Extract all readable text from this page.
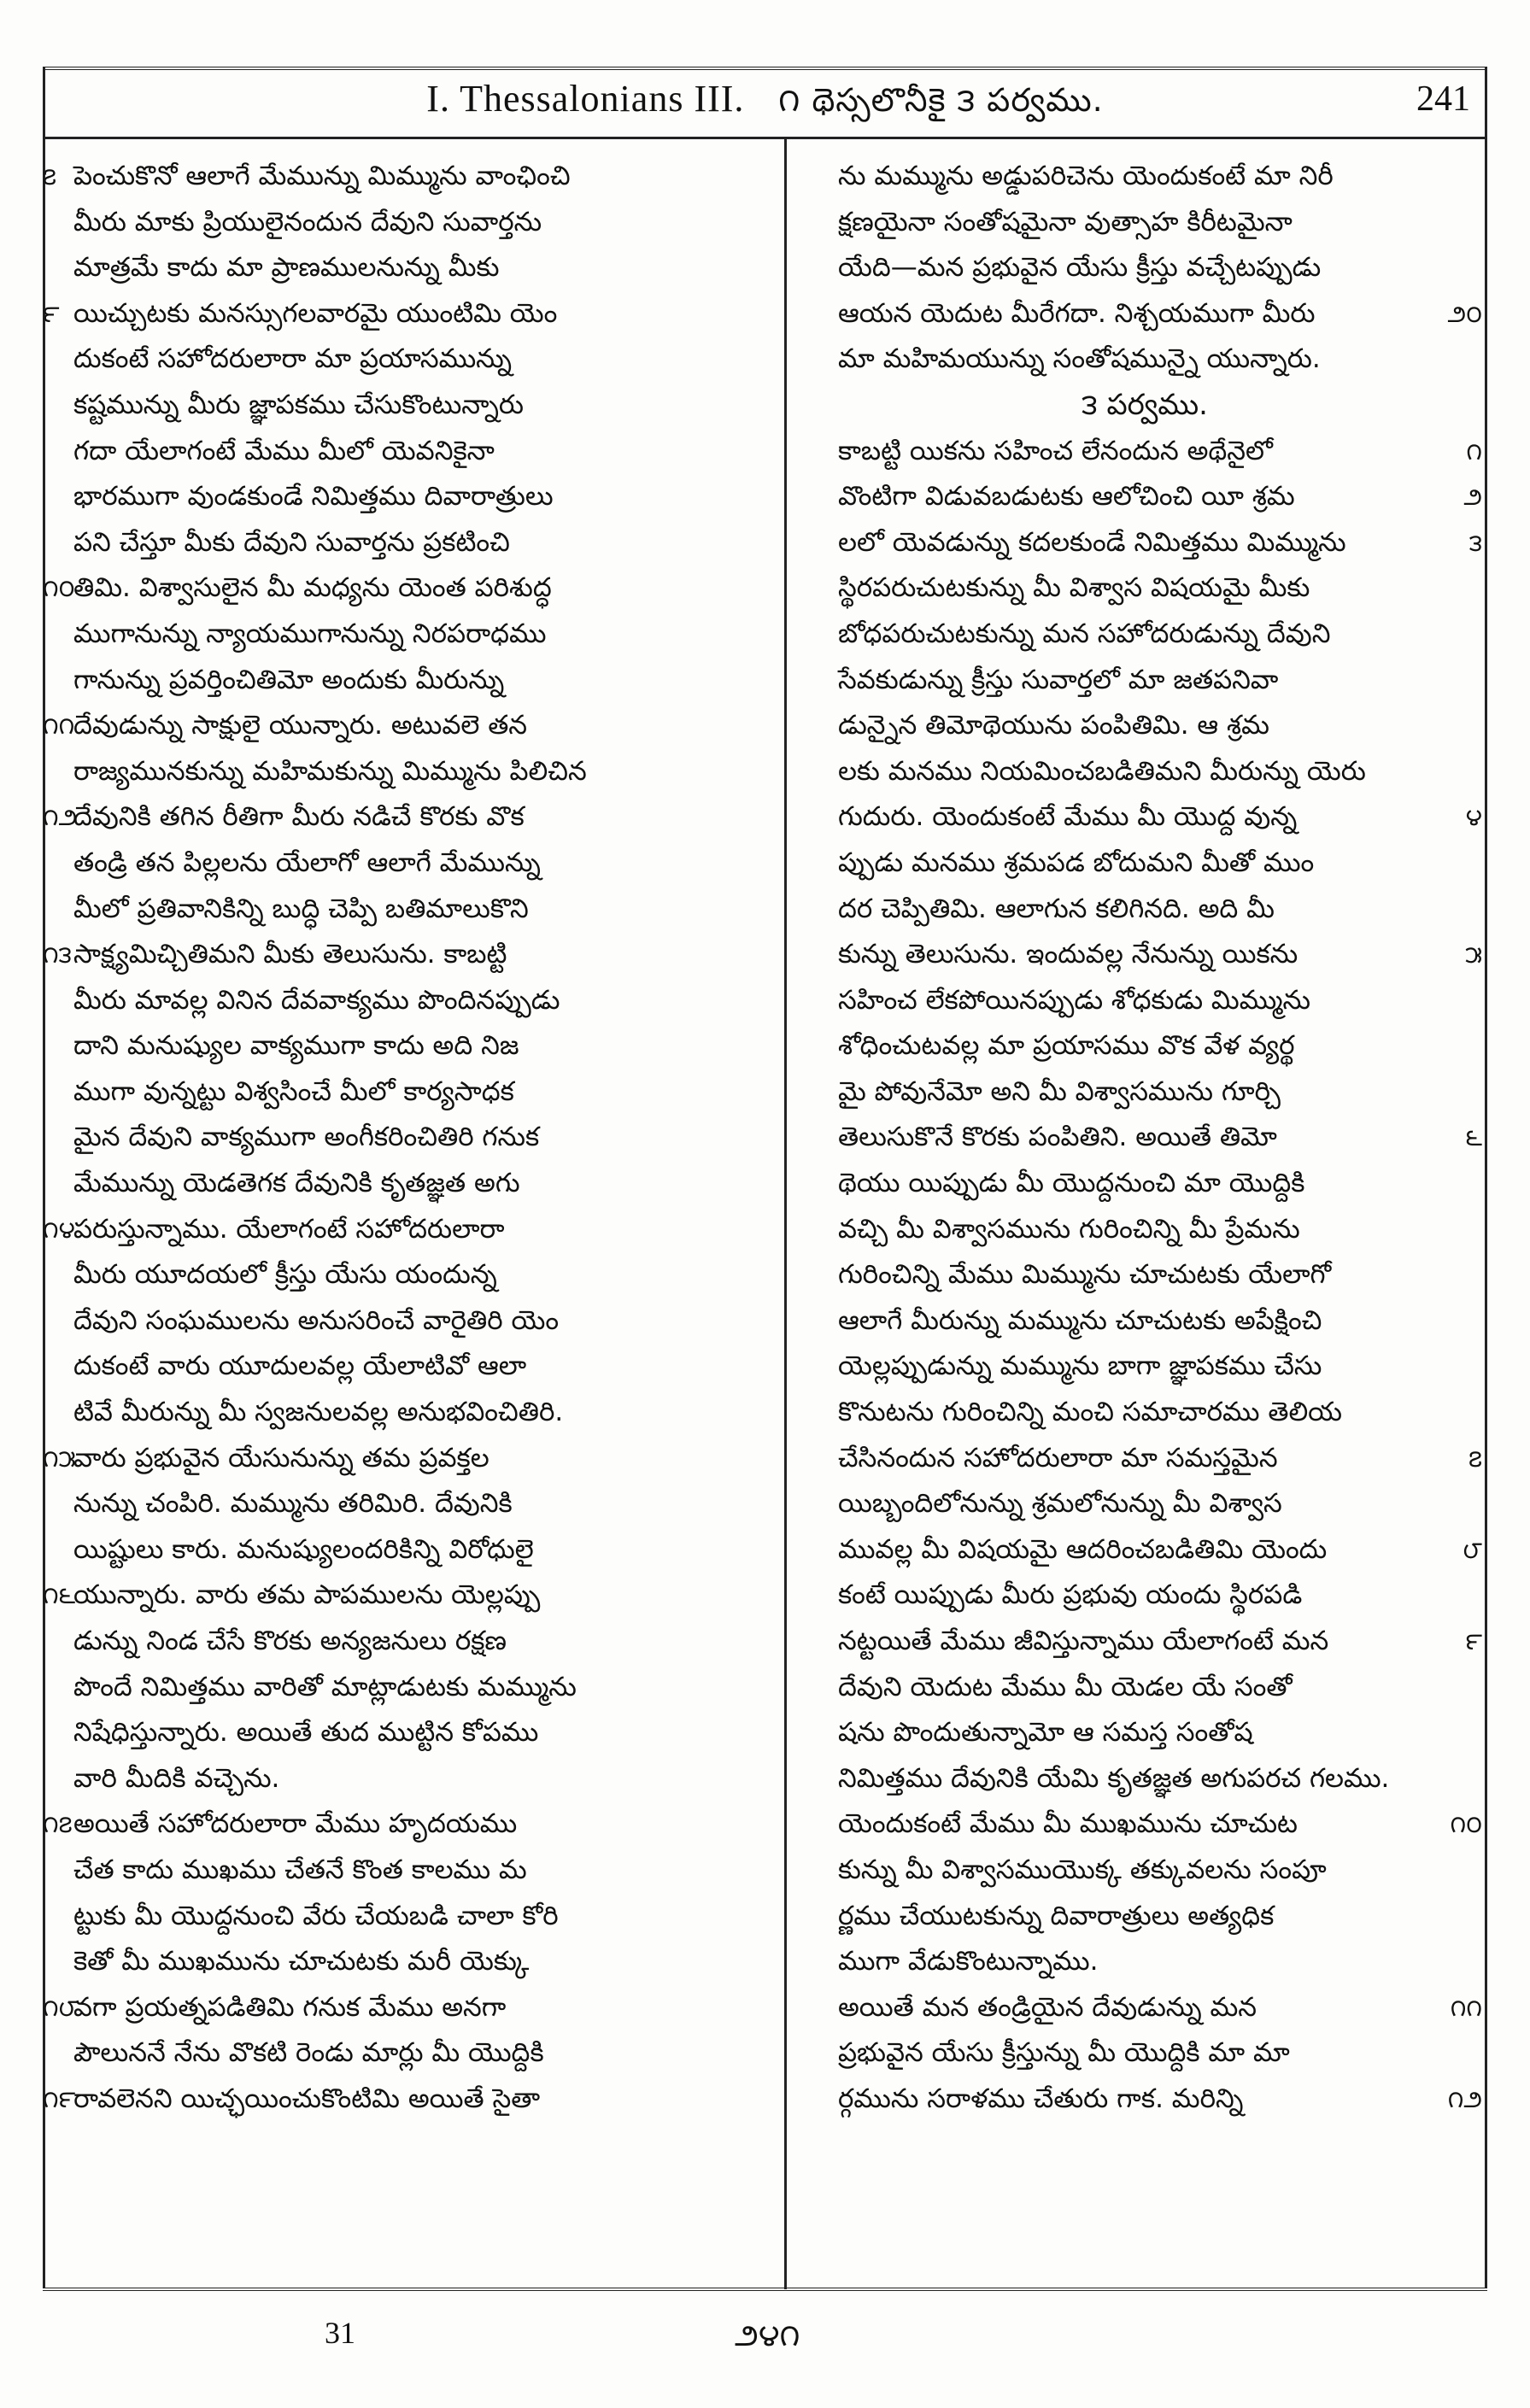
I. Thessalonians III. ౧ థెస్సలొనీకై ౩ పర్వము.	241
౭ పెంచుకొనో ఆలాగే మేమున్ను మిమ్మును వాంఛించి
మీరు మాకు ప్రియులైనందున దేవుని సువార్తను
మాత్రమే కాదు మా ప్రాణములనున్ను మీకు
౯ యిచ్చుటకు మనస్సుగలవారమై యుంటిమి యెం
దుకంటే సహోదరులారా మా ప్రయాసమున్ను
కష్టమున్ను మీరు జ్ఞాపకము చేసుకొంటున్నారు
గదా యేలాగంటే మేము మీలో యెవనికైనా
భారముగా వుండకుండే నిమిత్తము దివారాత్రులు
పని చేస్తూ మీకు దేవుని సువార్తను ప్రకటించి
౧౦
తిమి. విశ్వాసులైన మీ మధ్యను యెంత పరిశుద్ధ
ముగానున్ను న్యాయముగానున్ను నిరపరాధము
గానున్ను ప్రవర్తించితిమో అందుకు మీరున్ను
౧౧
దేవుడున్ను సాక్షులై యున్నారు. అటువలె తన
రాజ్యమునకున్ను మహిమకున్ను మిమ్మును పిలిచిన
౧౨
దేవునికి తగిన రీతిగా మీరు నడిచే కొరకు వొక
తండ్రి తన పిల్లలను యేలాగో ఆలాగే మేమున్ను
మీలో ప్రతివానికిన్ని బుద్ధి చెప్పి బతిమాలుకొని
౧౩ సాక్ష్యమిచ్చితిమని మీకు తెలుసును. కాబట్టి
మీరు మావల్ల వినిన దేవవాక్యము పొందినప్పుడు
దాని మనుష్యుల వాక్యముగా కాదు అది నిజ
ముగా వున్నట్టు విశ్వసించే మీలో కార్యసాధక
మైన దేవుని వాక్యముగా అంగీకరించితిరి గనుక
మేమున్ను యెడతెగక దేవునికి కృతజ్ఞత అగు
౧౪
పరుస్తున్నాము. యేలాగంటే సహోదరులారా
మీరు యూదయలో క్రీస్తు యేసు యందున్న
దేవుని సంఘములను అనుసరించే వారైతిరి యెం
దుకంటే వారు యూదులవల్ల యేలాటివో ఆలా
టివే మీరున్ను మీ స్వజనులవల్ల అనుభవించితిరి.
౧౫
వారు ప్రభువైన యేసునున్ను తమ ప్రవక్తల
నున్ను చంపిరి. మమ్మును తరిమిరి. దేవునికి
యిష్టులు కారు. మనుష్యులందరికిన్ని విరోధులై
౧౬
యున్నారు. వారు తమ పాపములను యెల్లప్పు
డున్ను నిండ చేసే కొరకు అన్యజనులు రక్షణ
పొందే నిమిత్తము వారితో మాట్లాడుటకు మమ్మును
నిషేధిస్తున్నారు. అయితే తుద ముట్టిన కోపము
వారి మీదికి వచ్చెను.
౧౭ అయితే సహోదరులారా మేము హృదయము
చేత కాదు ముఖము చేతనే కొంత కాలము మ
ట్టుకు మీ యొద్దనుంచి వేరు చేయబడి చాలా కోరి
కెతో మీ ముఖమును చూచుటకు మరీ యెక్కు
౧౮
వగా ప్రయత్నపడితిమి గనుక మేము అనగా
పౌలుననే నేను వొకటి రెండు మార్లు మీ యొద్దికి
౧౯
రావలెనని యిచ్ఛయించుకొంటిమి అయితే సైతా
ను మమ్మును అడ్డుపరిచెను యెందుకంటే మా నిరీ
క్షణయైనా సంతోషమైనా వుత్సాహ కిరీటమైనా
యేది—మన ప్రభువైన యేసు క్రీస్తు వచ్చేటప్పుడు
ఆయన యెదుట మీరేగదా. నిశ్చయముగా మీరు	౨౦
మా మహిమయున్ను సంతోషమున్నై యున్నారు.
౩ పర్వము.
కాబట్టి యికను సహించ లేనందున అథేనైలో	౧
వొంటిగా విడువబడుటకు ఆలోచించి యీ శ్రమ	౨
లలో యెవడున్ను కదలకుండే నిమిత్తము మిమ్మును	౩
స్థిరపరుచుటకున్ను మీ విశ్వాస విషయమై మీకు
బోధపరుచుటకున్ను మన సహోదరుడున్ను దేవుని
సేవకుడున్ను క్రీస్తు సువార్తలో మా జతపనివా
డున్నైన తిమోథెయును పంపితిమి. ఆ శ్రమ
లకు మనము నియమించబడితిమని మీరున్ను యెరు
గుదురు. యెందుకంటే మేము మీ యొద్ద వున్న	౪
ప్పుడు మనము శ్రమపడ బోదుమని మీతో ముం
దర చెప్పితిమి. ఆలాగున కలిగినది. అది మీ
కున్ను తెలుసును. ఇందువల్ల నేనున్ను యికను	౫
సహించ లేకపోయినప్పుడు శోధకుడు మిమ్మును
శోధించుటవల్ల మా ప్రయాసము వొక వేళ వ్యర్థ
మై పోవునేమో అని మీ విశ్వాసమును గూర్చి
తెలుసుకొనే కొరకు పంపితిని. అయితే తిమో	౬
థెయు యిప్పుడు మీ యొద్దనుంచి మా యొద్దికి
వచ్చి మీ విశ్వాసమును గురించిన్ని మీ ప్రేమను
గురించిన్ని మేము మిమ్మును చూచుటకు యేలాగో
ఆలాగే మీరున్ను మమ్మును చూచుటకు అపేక్షించి
యెల్లప్పుడున్ను మమ్మును బాగా జ్ఞాపకము చేసు
కొనుటను గురించిన్ని మంచి సమాచారము తెలియ
చేసినందున సహోదరులారా మా సమస్తమైన	౭
యిబ్బందిలోనున్ను శ్రమలోనున్ను మీ విశ్వాస
మువల్ల మీ విషయమై ఆదరించబడితిమి యెందు	౮
కంటే యిప్పుడు మీరు ప్రభువు యందు స్థిరపడి
నట్టయితే మేము జీవిస్తున్నాము యేలాగంటే మన	౯
దేవుని యెదుట మేము మీ యెడల యే సంతో
షను పొందుతున్నామో ఆ సమస్త సంతోష
నిమిత్తము దేవునికి యేమి కృతజ్ఞత అగుపరచ గలము.
యెందుకంటే మేము మీ ముఖమును చూచుట	౧౦
కున్ను మీ విశ్వాసముయొక్క తక్కువలను సంపూ
ర్ణము చేయుటకున్ను దివారాత్రులు అత్యధిక
ముగా వేడుకొంటున్నాము.
అయితే మన తండ్రియైన దేవుడున్ను మన	౧౧
ప్రభువైన యేసు క్రీస్తున్ను మీ యొద్దికి మా మా
ర్గమును సరాళము చేతురు గాక. మరిన్ని	౧౨
31	౨౪౧
